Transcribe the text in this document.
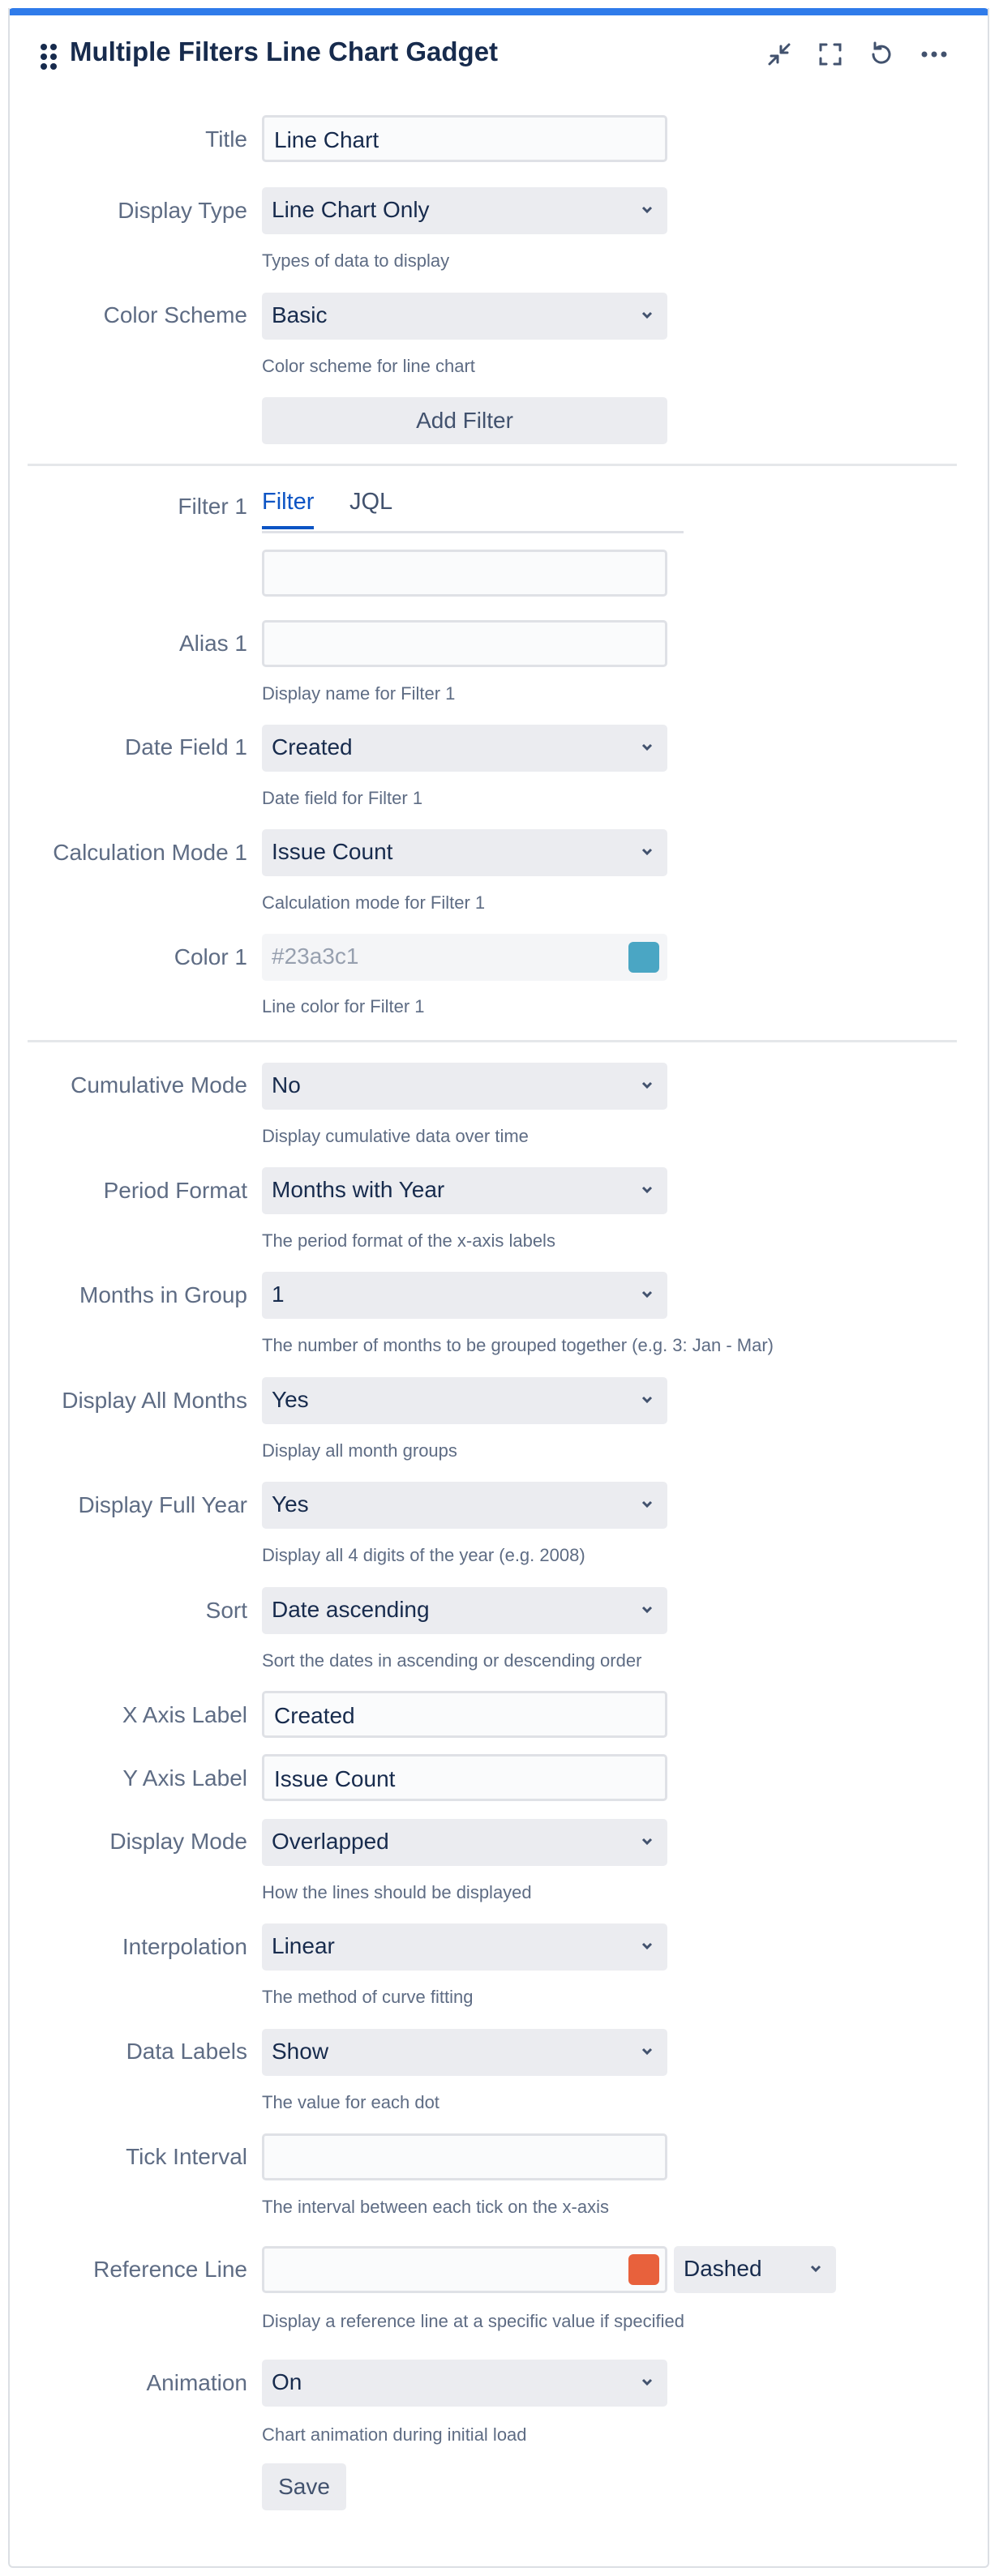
Multiple Filters Line Chart Gadget
Title Line Chart
Display Type Line Chart Only
Types of data to display
Color Scheme Basic
Color scheme for line chart
Add Filter
Filter 1 Filter JQL
Alias 1
Display name for Filter 1
Date Field 1 Created
Date field for Filter 1
Calculation Mode 1 Issue Count
Calculation mode for Filter 1
Color 1 #23a3c1
Line color for Filter 1
Cumulative Mode No
Display cumulative data over time
Period Format Months with Year
The period format of the x-axis labels
Months in Group 1
The number of months to be grouped together (e.g. 3: Jan - Mar)
Display All Months Yes
Display all month groups
Display Full Year Yes
Display all 4 digits of the year (e.g. 2008)
Sort Date ascending
Sort the dates in ascending or descending order
X Axis Label Created
Y Axis Label Issue Count
Display Mode Overlapped
How the lines should be displayed
Interpolation Linear
The method of curve fitting
Data Labels Show
The value for each dot
Tick Interval
The interval between each tick on the x-axis
Reference Line	Dashed
Display a reference line at a specific value if specified
Animation On
Chart animation during initial load
Save
